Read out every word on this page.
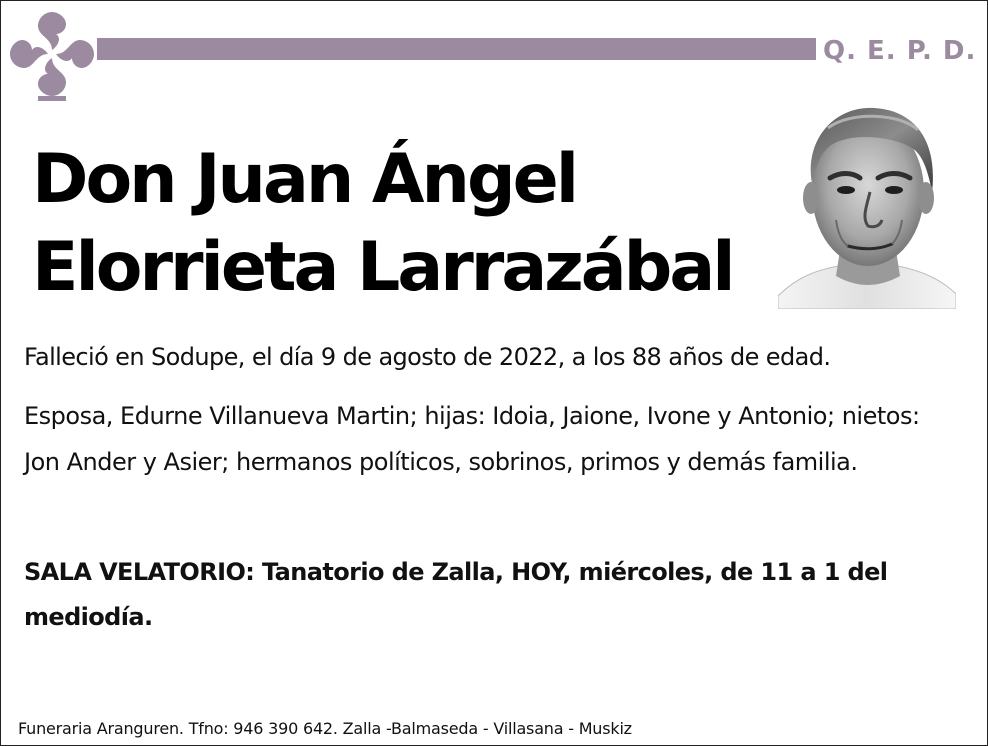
Q. E. P. D.
Don Juan Ángel
Elorrieta Larrazábal

Falleció en Sodupe, el día 9 de agosto de 2022, a los 88 años de edad.

Esposa, Edurne Villanueva Martin; hijas: Idoia, Jaione, Ivone y Antonio; nietos: Jon Ander y Asier; hermanos políticos, sobrinos, primos y demás familia.

SALA VELATORIO: Tanatorio de Zalla, HOY, miércoles, de 11 a 1 del mediodía.

Funeraria Aranguren. Tfno: 946 390 642. Zalla -Balmaseda - Villasana - Muskiz
